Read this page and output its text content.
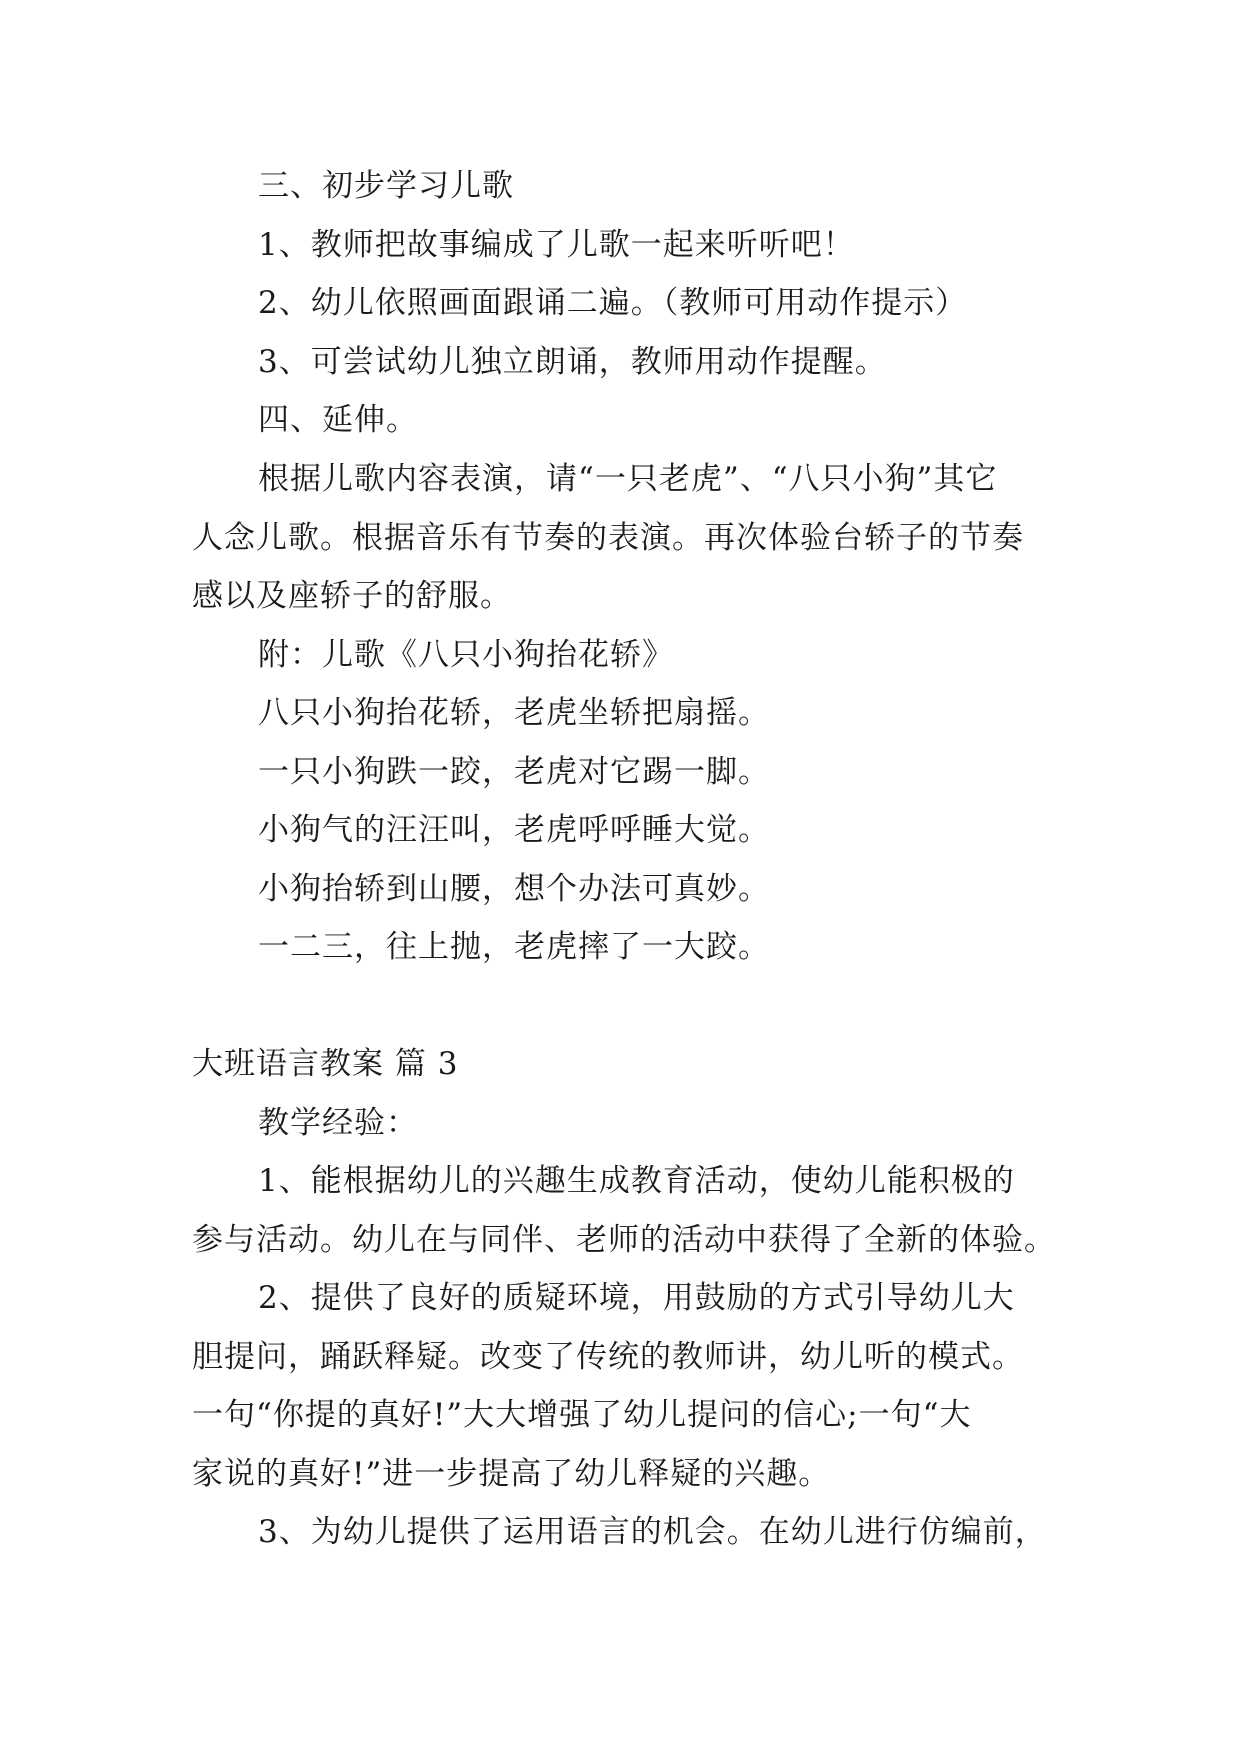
三、初步学习儿歌
1、教师把故事编成了儿歌一起来听听吧！
2、幼儿依照画面跟诵二遍。（教师可用动作提示）
3、可尝试幼儿独立朗诵，教师用动作提醒。
四、延伸。
根据儿歌内容表演，请“一只老虎”、“八只小狗”其它
人念儿歌。根据音乐有节奏的表演。再次体验台轿子的节奏
感以及座轿子的舒服。
附：儿歌《八只小狗抬花轿》
八只小狗抬花轿，老虎坐轿把扇摇。
一只小狗跌一跤，老虎对它踢一脚。
小狗气的汪汪叫，老虎呼呼睡大觉。
小狗抬轿到山腰，想个办法可真妙。
一二三，往上抛，老虎摔了一大跤。
大班语言教案 篇 3
教学经验：
1、能根据幼儿的兴趣生成教育活动，使幼儿能积极的
参与活动。幼儿在与同伴、老师的活动中获得了全新的体验。
2、提供了良好的质疑环境，用鼓励的方式引导幼儿大
胆提问，踊跃释疑。改变了传统的教师讲，幼儿听的模式。
一句“你提的真好!”大大增强了幼儿提问的信心;一句“大
家说的真好!”进一步提高了幼儿释疑的兴趣。
3、为幼儿提供了运用语言的机会。在幼儿进行仿编前，
